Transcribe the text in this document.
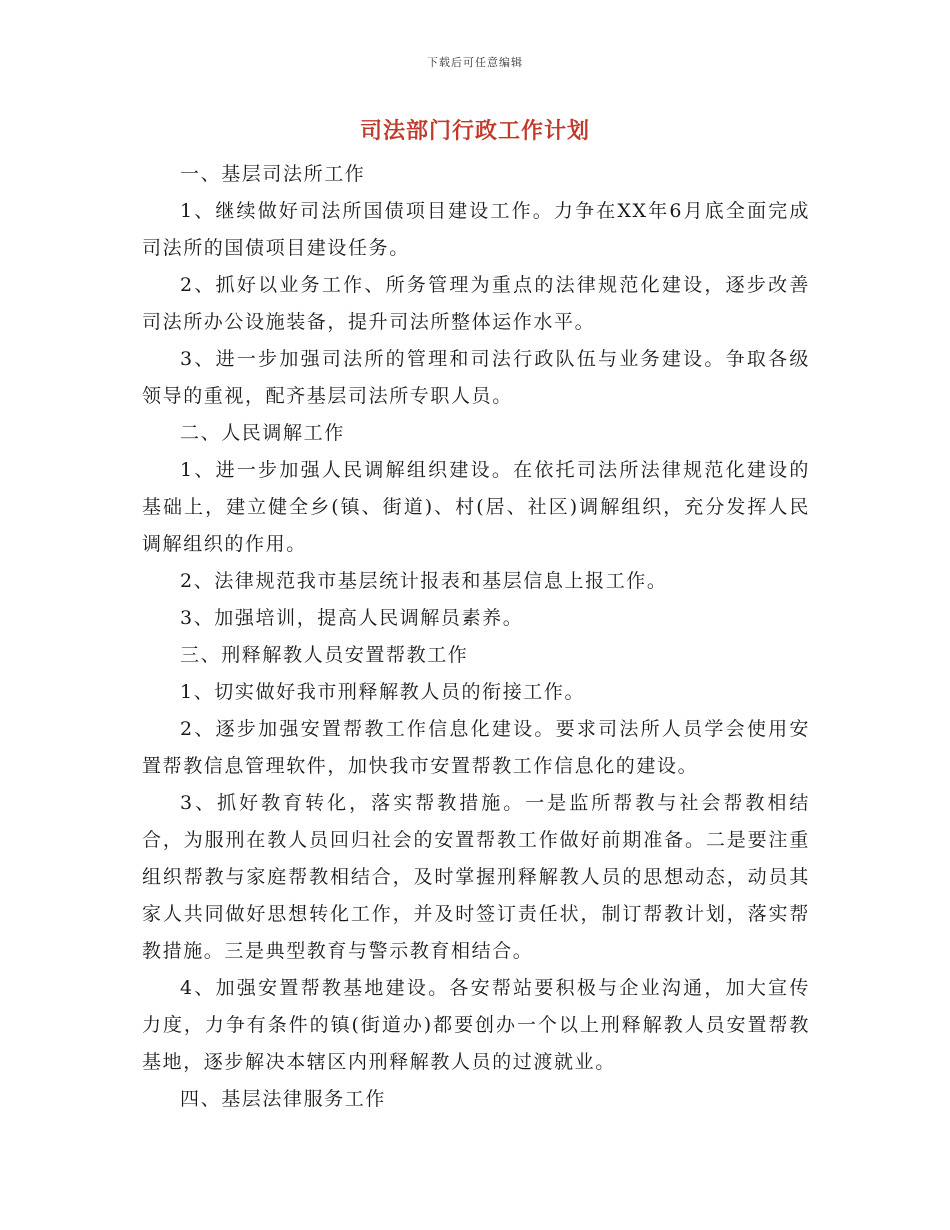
下载后可任意编辑
司法部门行政工作计划

一、基层司法所工作

1、继续做好司法所国债项目建设工作。力争在XX年6月底全面完成司法所的国债项目建设任务。

2、抓好以业务工作、所务管理为重点的法律规范化建设，逐步改善司法所办公设施装备，提升司法所整体运作水平。

3、进一步加强司法所的管理和司法行政队伍与业务建设。争取各级领导的重视，配齐基层司法所专职人员。

二、人民调解工作

1、进一步加强人民调解组织建设。在依托司法所法律规范化建设的基础上，建立健全乡(镇、街道)、村(居、社区)调解组织，充分发挥人民调解组织的作用。

2、法律规范我市基层统计报表和基层信息上报工作。

3、加强培训，提高人民调解员素养。

三、刑释解教人员安置帮教工作

1、切实做好我市刑释解教人员的衔接工作。

2、逐步加强安置帮教工作信息化建设。要求司法所人员学会使用安置帮教信息管理软件，加快我市安置帮教工作信息化的建设。

3、抓好教育转化，落实帮教措施。一是监所帮教与社会帮教相结合，为服刑在教人员回归社会的安置帮教工作做好前期准备。二是要注重组织帮教与家庭帮教相结合，及时掌握刑释解教人员的思想动态，动员其家人共同做好思想转化工作，并及时签订责任状，制订帮教计划，落实帮教措施。三是典型教育与警示教育相结合。

4、加强安置帮教基地建设。各安帮站要积极与企业沟通，加大宣传力度，力争有条件的镇(街道办)都要创办一个以上刑释解教人员安置帮教基地，逐步解决本辖区内刑释解教人员的过渡就业。

四、基层法律服务工作
